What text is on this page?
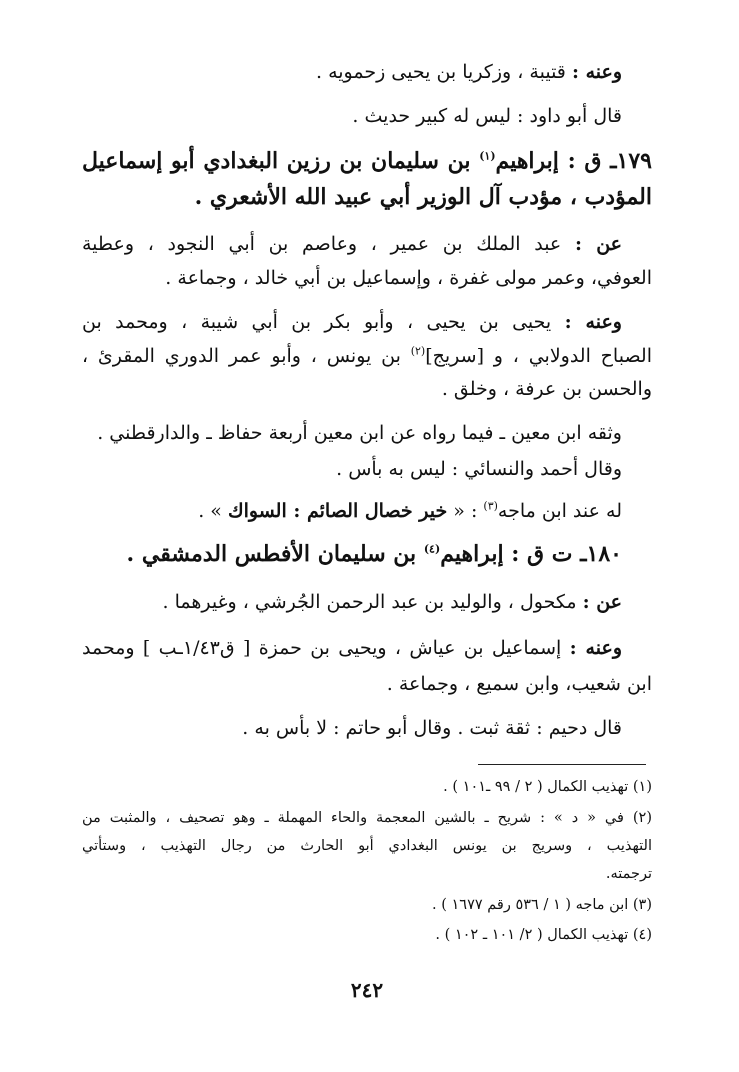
وعنه : قتيبة ، وزكريا بن يحيى زحمويه .
قال أبو داود : ليس له كبير حديث .
١٧٩ـ ق : إبراهيم$^{(١)}$ بن سليمان بن رزين البغدادي أبو إسماعيل
المؤدب ، مؤدب آل الوزير أبي عبيد الله الأشعري .
عن : عبد الملك بن عمير ، وعاصم بن أبي النجود ، وعطية
العوفي، وعمر مولى غفرة ، وإسماعيل بن أبي خالد ، وجماعة .
وعنه : يحيى بن يحيى ، وأبو بكر بن أبي شيبة ، ومحمد بن
الصباح الدولابي ، و [سريج]$^{(٢)}$ بن يونس ، وأبو عمر الدوري المقرئ ،
والحسن بن عرفة ، وخلق .
وثقه ابن معين ـ فيما رواه عن ابن معين أربعة حفاظ ـ والدارقطني .
وقال أحمد والنسائي : ليس به بأس .
له عند ابن ماجه$^{(٣)}$ : « خير خصال الصائم : السواك » .
١٨٠ـ ت ق : إبراهيم$^{(٤)}$ بن سليمان الأفطس الدمشقي .
عن : مكحول ، والوليد بن عبد الرحمن الجُرشي ، وغيرهما .
وعنه : إسماعيل بن عياش ، ويحيى بن حمزة [ ق١/٤٣ـب ] ومحمد
ابن شعيب، وابن سميع ، وجماعة .
قال دحيم : ثقة ثبت . وقال أبو حاتم : لا بأس به .
(١) تهذيب الكمال ( ٢ / ٩٩ ـ١٠١ ) .
(٢) في « د » : شريح ـ بالشين المعجمة والحاء المهملة ـ وهو تصحيف ، والمثبت من
التهذيب ، وسريج بن يونس البغدادي أبو الحارث من رجال التهذيب ، وستأتي
ترجمته.
(٣) ابن ماجه ( ١ / ٥٣٦ رقم ١٦٧٧ ) .
(٤) تهذيب الكمال ( ٢/ ١٠١ ـ ١٠٢ ) .
٢٤٢
